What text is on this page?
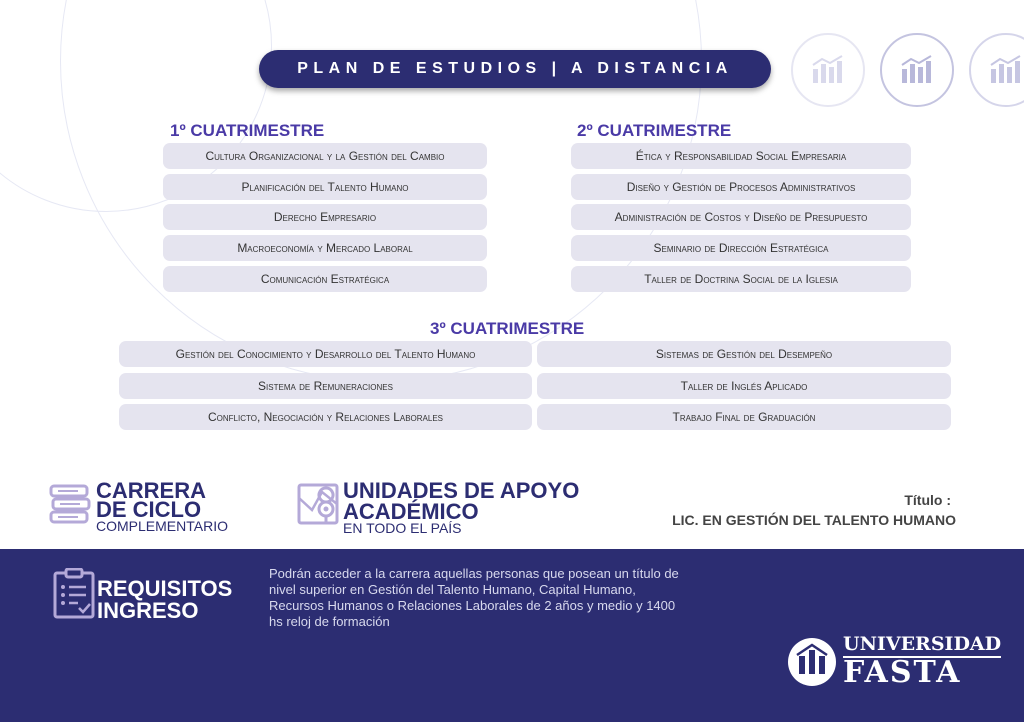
PLAN DE ESTUDIOS | A DISTANCIA
1º CUATRIMESTRE
Cultura Organizacional y la Gestión del Cambio
Planificación del Talento Humano
Derecho Empresario
Macroeconomía y Mercado Laboral
Comunicación Estratégica
2º CUATRIMESTRE
Ética y Responsabilidad Social Empresaria
Diseño y Gestión de Procesos Administrativos
Administración de Costos y Diseño de Presupuesto
Seminario de Dirección Estratégica
Taller de Doctrina Social de la Iglesia
3º CUATRIMESTRE
Gestión del Conocimiento y Desarrollo del Talento Humano	Sistemas de Gestión del Desempeño
Sistema de Remuneraciones	Taller de Inglés Aplicado
Conflicto, Negociación y Relaciones Laborales	Trabajo Final de Graduación
CARRERA
DE CICLO
COMPLEMENTARIO
UNIDADES DE APOYO
ACADÉMICO
EN TODO EL PAÍS
Título :
LIC. EN GESTIÓN DEL TALENTO HUMANO
REQUISITOS
INGRESO
Podrán acceder a la carrera aquellas personas que posean un título de nivel superior en Gestión del Talento Humano, Capital Humano, Recursos Humanos o Relaciones Laborales de 2 años y medio y 1400 hs reloj de formación
UNIVERSIDAD
FASTA
